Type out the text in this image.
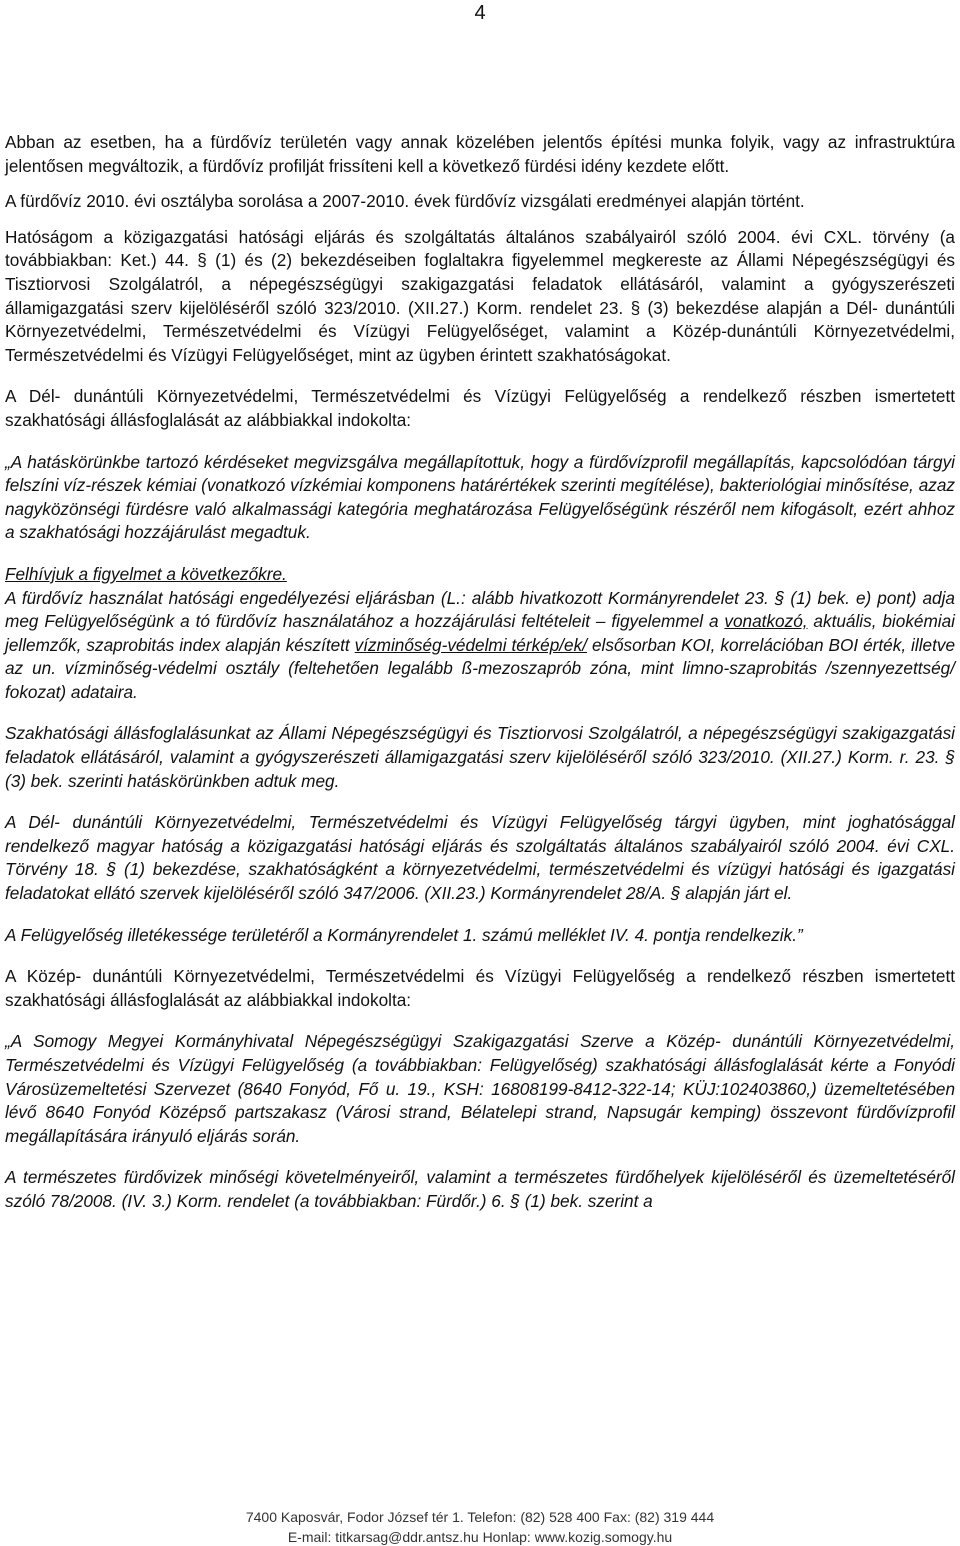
4

Abban az esetben, ha a fürdővíz területén vagy annak közelében jelentős építési munka folyik, vagy az infrastruktúra jelentősen megváltozik, a fürdővíz profilját frissíteni kell a következő fürdési idény kezdete előtt.

A fürdővíz 2010. évi osztályba sorolása a 2007-2010. évek fürdővíz vizsgálati eredményei alapján történt.

Hatóságom a közigazgatási hatósági eljárás és szolgáltatás általános szabályairól szóló 2004. évi CXL. törvény (a továbbiakban: Ket.) 44. § (1) és (2) bekezdéseiben foglaltakra figyelemmel megkereste az Állami Népegészségügyi és Tisztiorvosi Szolgálatról, a népegészségügyi szakigazgatási feladatok ellátásáról, valamint a gyógyszerészeti államigazgatási szerv kijelöléséről szóló 323/2010. (XII.27.) Korm. rendelet 23. § (3) bekezdése alapján a Dél- dunántúli Környezetvédelmi, Természetvédelmi és Vízügyi Felügyelőséget, valamint a Közép-dunántúli Környezetvédelmi, Természetvédelmi és Vízügyi Felügyelőséget, mint az ügyben érintett szakhatóságokat.

A Dél- dunántúli Környezetvédelmi, Természetvédelmi és Vízügyi Felügyelőség a rendelkező részben ismertetett szakhatósági állásfoglalását az alábbiakkal indokolta:

„A hatáskörünkbe tartozó kérdéseket megvizsgálva megállapítottuk, hogy a fürdővízprofil megállapítás, kapcsolódóan tárgyi felszíni víz-részek kémiai (vonatkozó vízkémiai komponens határértékek szerinti megítélése), bakteriológiai minősítése, azaz nagyközönségi fürdésre való alkalmassági kategória meghatározása Felügyelőségünk részéről nem kifogásolt, ezért ahhoz a szakhatósági hozzájárulást megadtuk.

Felhívjuk a figyelmet a következőkre.

A fürdővíz használat hatósági engedélyezési eljárásban (L.: alább hivatkozott Kormányrendelet 23. § (1) bek. e) pont) adja meg Felügyelőségünk a tó fürdővíz használatához a hozzájárulási feltételeit – figyelemmel a vonatkozó, aktuális, biokémiai jellemzők, szaprobitás index alapján készített vízminőség-védelmi térkép/ek/ elsősorban KOI, korrelációban BOI érték, illetve az un. vízminőség-védelmi osztály (feltehetően legalább ß-mezoszaprób zóna, mint limno-szaprobitás /szennyezettség/ fokozat) adataira.

Szakhatósági állásfoglalásunkat az Állami Népegészségügyi és Tisztiorvosi Szolgálatról, a népegészségügyi szakigazgatási feladatok ellátásáról, valamint a gyógyszerészeti államigazgatási szerv kijelöléséről szóló 323/2010. (XII.27.) Korm. r. 23. § (3) bek. szerinti hatáskörünkben adtuk meg.

A Dél- dunántúli Környezetvédelmi, Természetvédelmi és Vízügyi Felügyelőség tárgyi ügyben, mint joghatósággal rendelkező magyar hatóság a közigazgatási hatósági eljárás és szolgáltatás általános szabályairól szóló 2004. évi CXL. Törvény 18. § (1) bekezdése, szakhatóságként a környezetvédelmi, természetvédelmi és vízügyi hatósági és igazgatási feladatokat ellátó szervek kijelöléséről szóló 347/2006. (XII.23.) Kormányrendelet 28/A. § alapján járt el.

A Felügyelőség illetékessége területéről a Kormányrendelet 1. számú melléklet IV. 4. pontja rendelkezik.”

A Közép- dunántúli Környezetvédelmi, Természetvédelmi és Vízügyi Felügyelőség a rendelkező részben ismertetett szakhatósági állásfoglalását az alábbiakkal indokolta:

„A Somogy Megyei Kormányhivatal Népegészségügyi Szakigazgatási Szerve a Közép- dunántúli Környezetvédelmi, Természetvédelmi és Vízügyi Felügyelőség (a továbbiakban: Felügyelőség) szakhatósági állásfoglalását kérte a Fonyódi Városüzemeltetési Szervezet (8640 Fonyód, Fő u. 19., KSH: 16808199-8412-322-14; KÜJ:102403860,) üzemeltetésében lévő 8640 Fonyód Középső partszakasz (Városi strand, Bélatelepi strand, Napsugár kemping) összevont fürdővízprofil megállapítására irányuló eljárás során.

A természetes fürdővizek minőségi követelményeiről, valamint a természetes fürdőhelyek kijelöléséről és üzemeltetéséről szóló 78/2008. (IV. 3.) Korm. rendelet (a továbbiakban: Fürdőr.) 6. § (1) bek. szerint a

7400 Kaposvár, Fodor József tér 1. Telefon: (82) 528 400 Fax: (82) 319 444
E-mail: titkarsag@ddr.antsz.hu Honlap: www.kozig.somogy.hu
